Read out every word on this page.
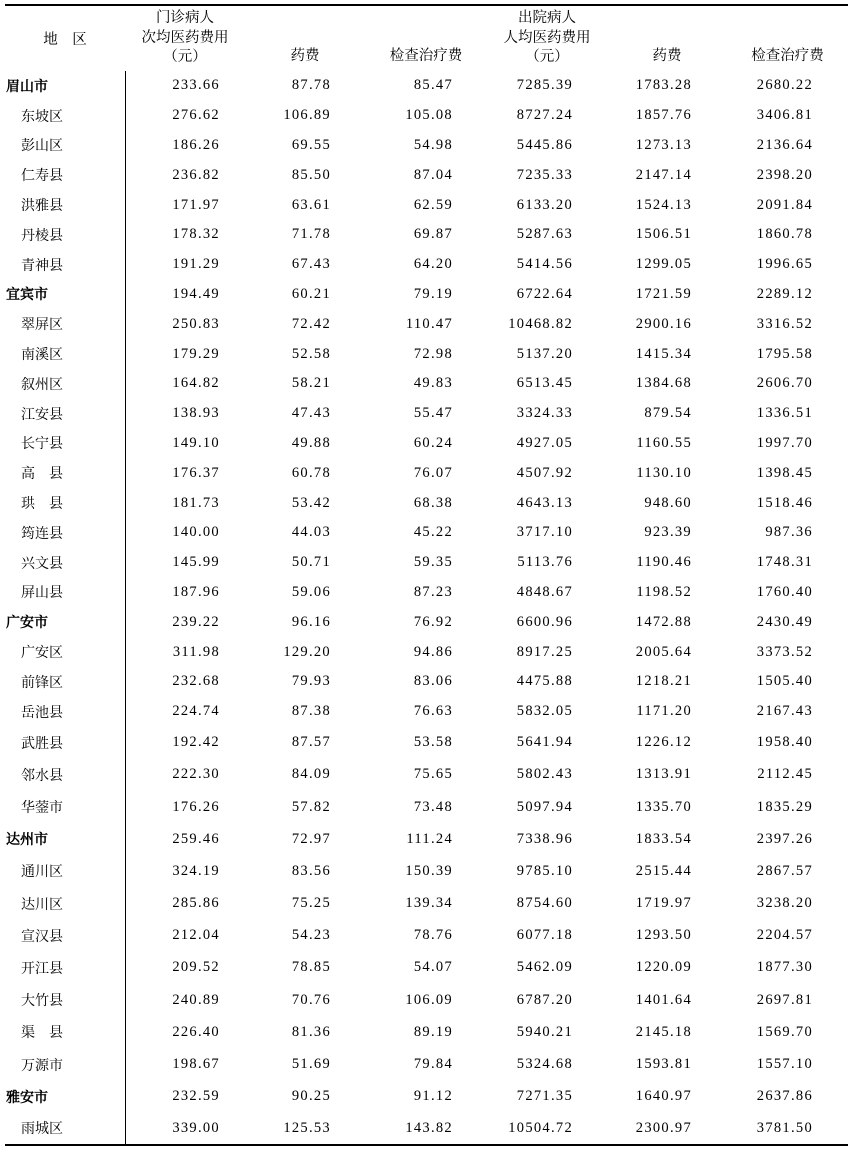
地　区	门诊病人
次均医药费用
（元）			出院病人
人均医药费用
（元）		

		药费	检查治疗费		药费	检查治疗费
眉山市	233.66	87.78	85.47	7285.39	1783.28	2680.22
东坡区	276.62	106.89	105.08	8727.24	1857.76	3406.81
彭山区	186.26	69.55	54.98	5445.86	1273.13	2136.64
仁寿县	236.82	85.50	87.04	7235.33	2147.14	2398.20
洪雅县	171.97	63.61	62.59	6133.20	1524.13	2091.84
丹棱县	178.32	71.78	69.87	5287.63	1506.51	1860.78
青神县	191.29	67.43	64.20	5414.56	1299.05	1996.65
宜宾市	194.49	60.21	79.19	6722.64	1721.59	2289.12
翠屏区	250.83	72.42	110.47	10468.82	2900.16	3316.52
南溪区	179.29	52.58	72.98	5137.20	1415.34	1795.58
叙州区	164.82	58.21	49.83	6513.45	1384.68	2606.70
江安县	138.93	47.43	55.47	3324.33	879.54	1336.51
长宁县	149.10	49.88	60.24	4927.05	1160.55	1997.70
高　县	176.37	60.78	76.07	4507.92	1130.10	1398.45
珙　县	181.73	53.42	68.38	4643.13	948.60	1518.46
筠连县	140.00	44.03	45.22	3717.10	923.39	987.36
兴文县	145.99	50.71	59.35	5113.76	1190.46	1748.31
屏山县	187.96	59.06	87.23	4848.67	1198.52	1760.40
广安市	239.22	96.16	76.92	6600.96	1472.88	2430.49
广安区	311.98	129.20	94.86	8917.25	2005.64	3373.52
前锋区	232.68	79.93	83.06	4475.88	1218.21	1505.40
岳池县	224.74	87.38	76.63	5832.05	1171.20	2167.43
武胜县	192.42	87.57	53.58	5641.94	1226.12	1958.40
邻水县	222.30	84.09	75.65	5802.43	1313.91	2112.45
华蓥市	176.26	57.82	73.48	5097.94	1335.70	1835.29
达州市	259.46	72.97	111.24	7338.96	1833.54	2397.26
通川区	324.19	83.56	150.39	9785.10	2515.44	2867.57
达川区	285.86	75.25	139.34	8754.60	1719.97	3238.20
宣汉县	212.04	54.23	78.76	6077.18	1293.50	2204.57
开江县	209.52	78.85	54.07	5462.09	1220.09	1877.30
大竹县	240.89	70.76	106.09	6787.20	1401.64	2697.81
渠　县	226.40	81.36	89.19	5940.21	2145.18	1569.70
万源市	198.67	51.69	79.84	5324.68	1593.81	1557.10
雅安市	232.59	90.25	91.12	7271.35	1640.97	2637.86
雨城区	339.00	125.53	143.82	10504.72	2300.97	3781.50
